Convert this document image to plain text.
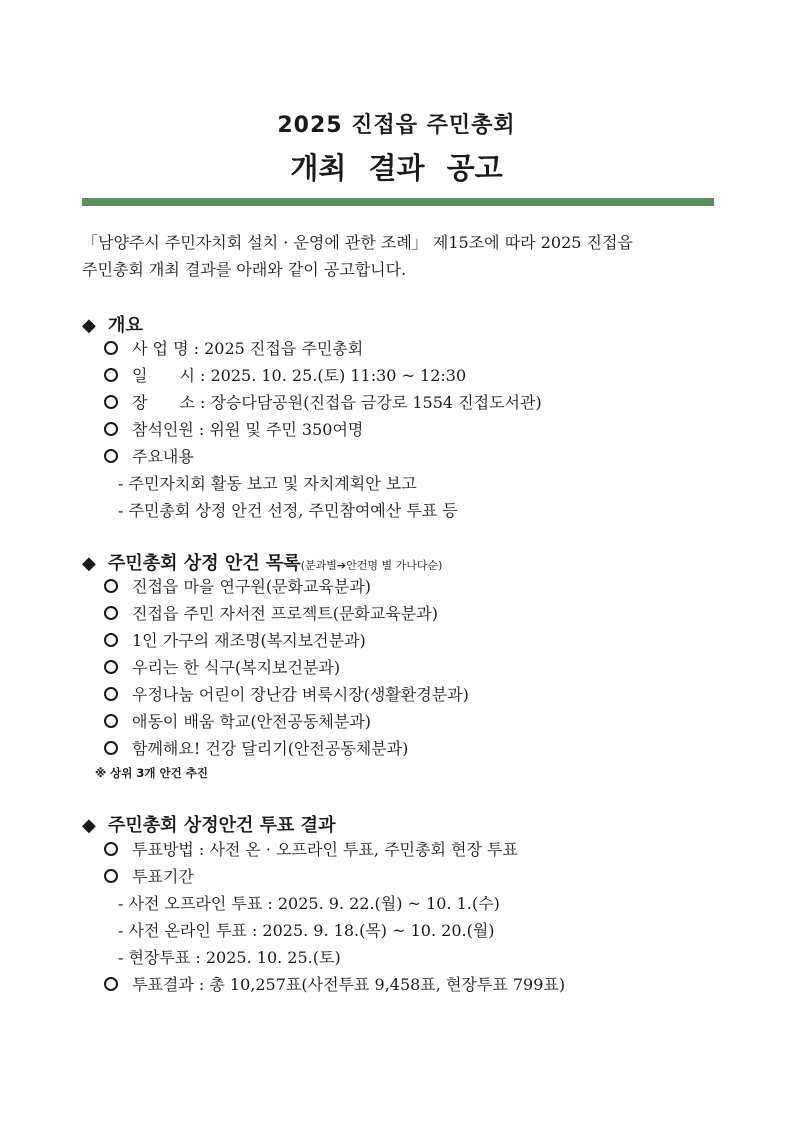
2025 진접읍 주민총회
개최 결과 공고

「남양주시 주민자치회 설치 · 운영에 관한 조례」 제15조에 따라 2025 진접읍

주민총회 개최 결과를 아래와 같이 공고합니다.

◆ 개요
사 업 명 : 2025 진접읍 주민총회
일　　시 : 2025. 10. 25.(토) 11:30 ~ 12:30
장　　소 : 장승다담공원(진접읍 금강로 1554 진접도서관)
참석인원 : 위원 및 주민 350여명
주요내용
- 주민자치회 활동 보고 및 자치계획안 보고
- 주민총회 상정 안건 선정, 주민참여예산 투표 등
◆ 주민총회 상정 안건 목록(분과별➔안건명 별 가나다순)
진접읍 마을 연구원(문화교육분과)
진접읍 주민 자서전 프로젝트(문화교육분과)
1인 가구의 재조명(복지보건분과)
우리는 한 식구(복지보건분과)
우정나눔 어린이 장난감 벼룩시장(생활환경분과)
애동이 배움 학교(안전공동체분과)
함께해요! 건강 달리기(안전공동체분과)
※ 상위 3개 안건 추진
◆ 주민총회 상정안건 투표 결과
투표방법 : 사전 온 · 오프라인 투표, 주민총회 현장 투표
투표기간
- 사전 오프라인 투표 : 2025. 9. 22.(월) ~ 10. 1.(수)
- 사전 온라인 투표 : 2025. 9. 18.(목) ~ 10. 20.(월)
- 현장투표 : 2025. 10. 25.(토)
투표결과 : 총 10,257표(사전투표 9,458표, 현장투표 799표)
